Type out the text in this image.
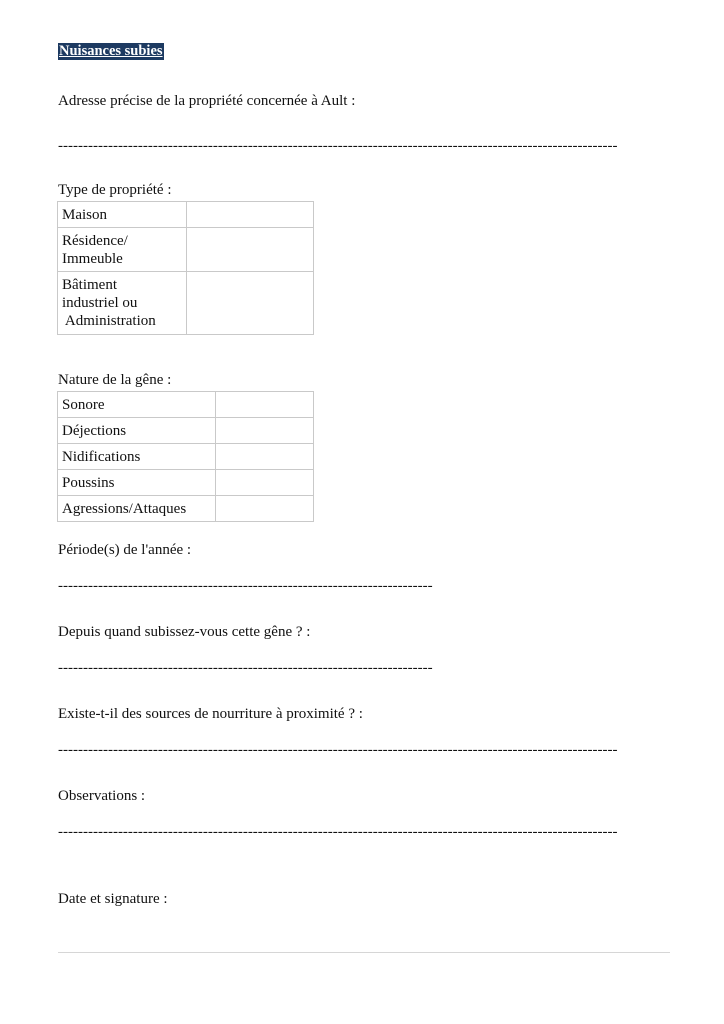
Nuisances subies
Adresse précise de la propriété concernée à Ault :
----------------------------------------------------------------------------------------------------------------
Type de propriété :
Maison	

Résidence/
Immeuble	

Bâtiment
industriel ou
Administration	

Nature de la gêne :
Sonore	
Déjections	
Nidifications	
Poussins	
Agressions/Attaques	
Période(s) de l'année :
---------------------------------------------------------------------------
Depuis quand subissez-vous cette gêne ? :
---------------------------------------------------------------------------
Existe-t-il des sources de nourriture à proximité ? :
----------------------------------------------------------------------------------------------------------------
Observations :
----------------------------------------------------------------------------------------------------------------
Date et signature :
